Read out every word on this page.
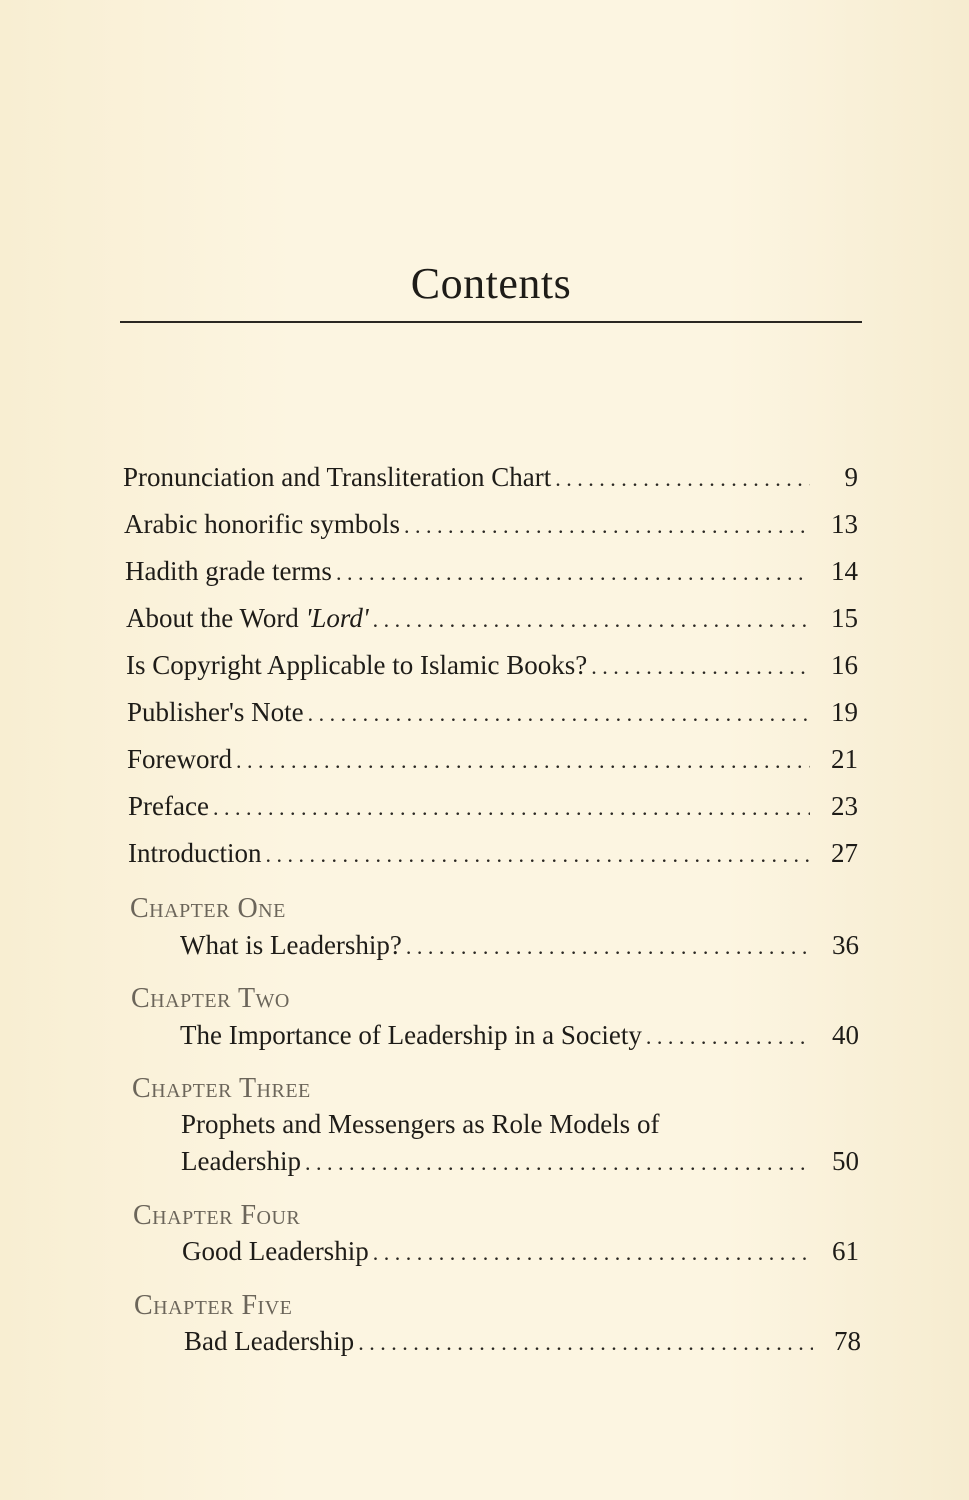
Contents
Pronunciation and Transliteration Chart . . .	9
Arabic honorific symbols . . .	13
Hadith grade terms . . .	14
About the Word 'Lord' . . .	15
Is Copyright Applicable to Islamic Books? . . .	16
Publisher's Note . . .	19
Foreword . . .	21
Preface . . .	23
Introduction . . .	27
Chapter One
What is Leadership? . . .	36
Chapter Two
The Importance of Leadership in a Society . . .	40
Chapter Three
Prophets and Messengers as Role Models of
Leadership . . .	50
Chapter Four
Good Leadership . . .	61
Chapter Five
Bad Leadership . . .	78
